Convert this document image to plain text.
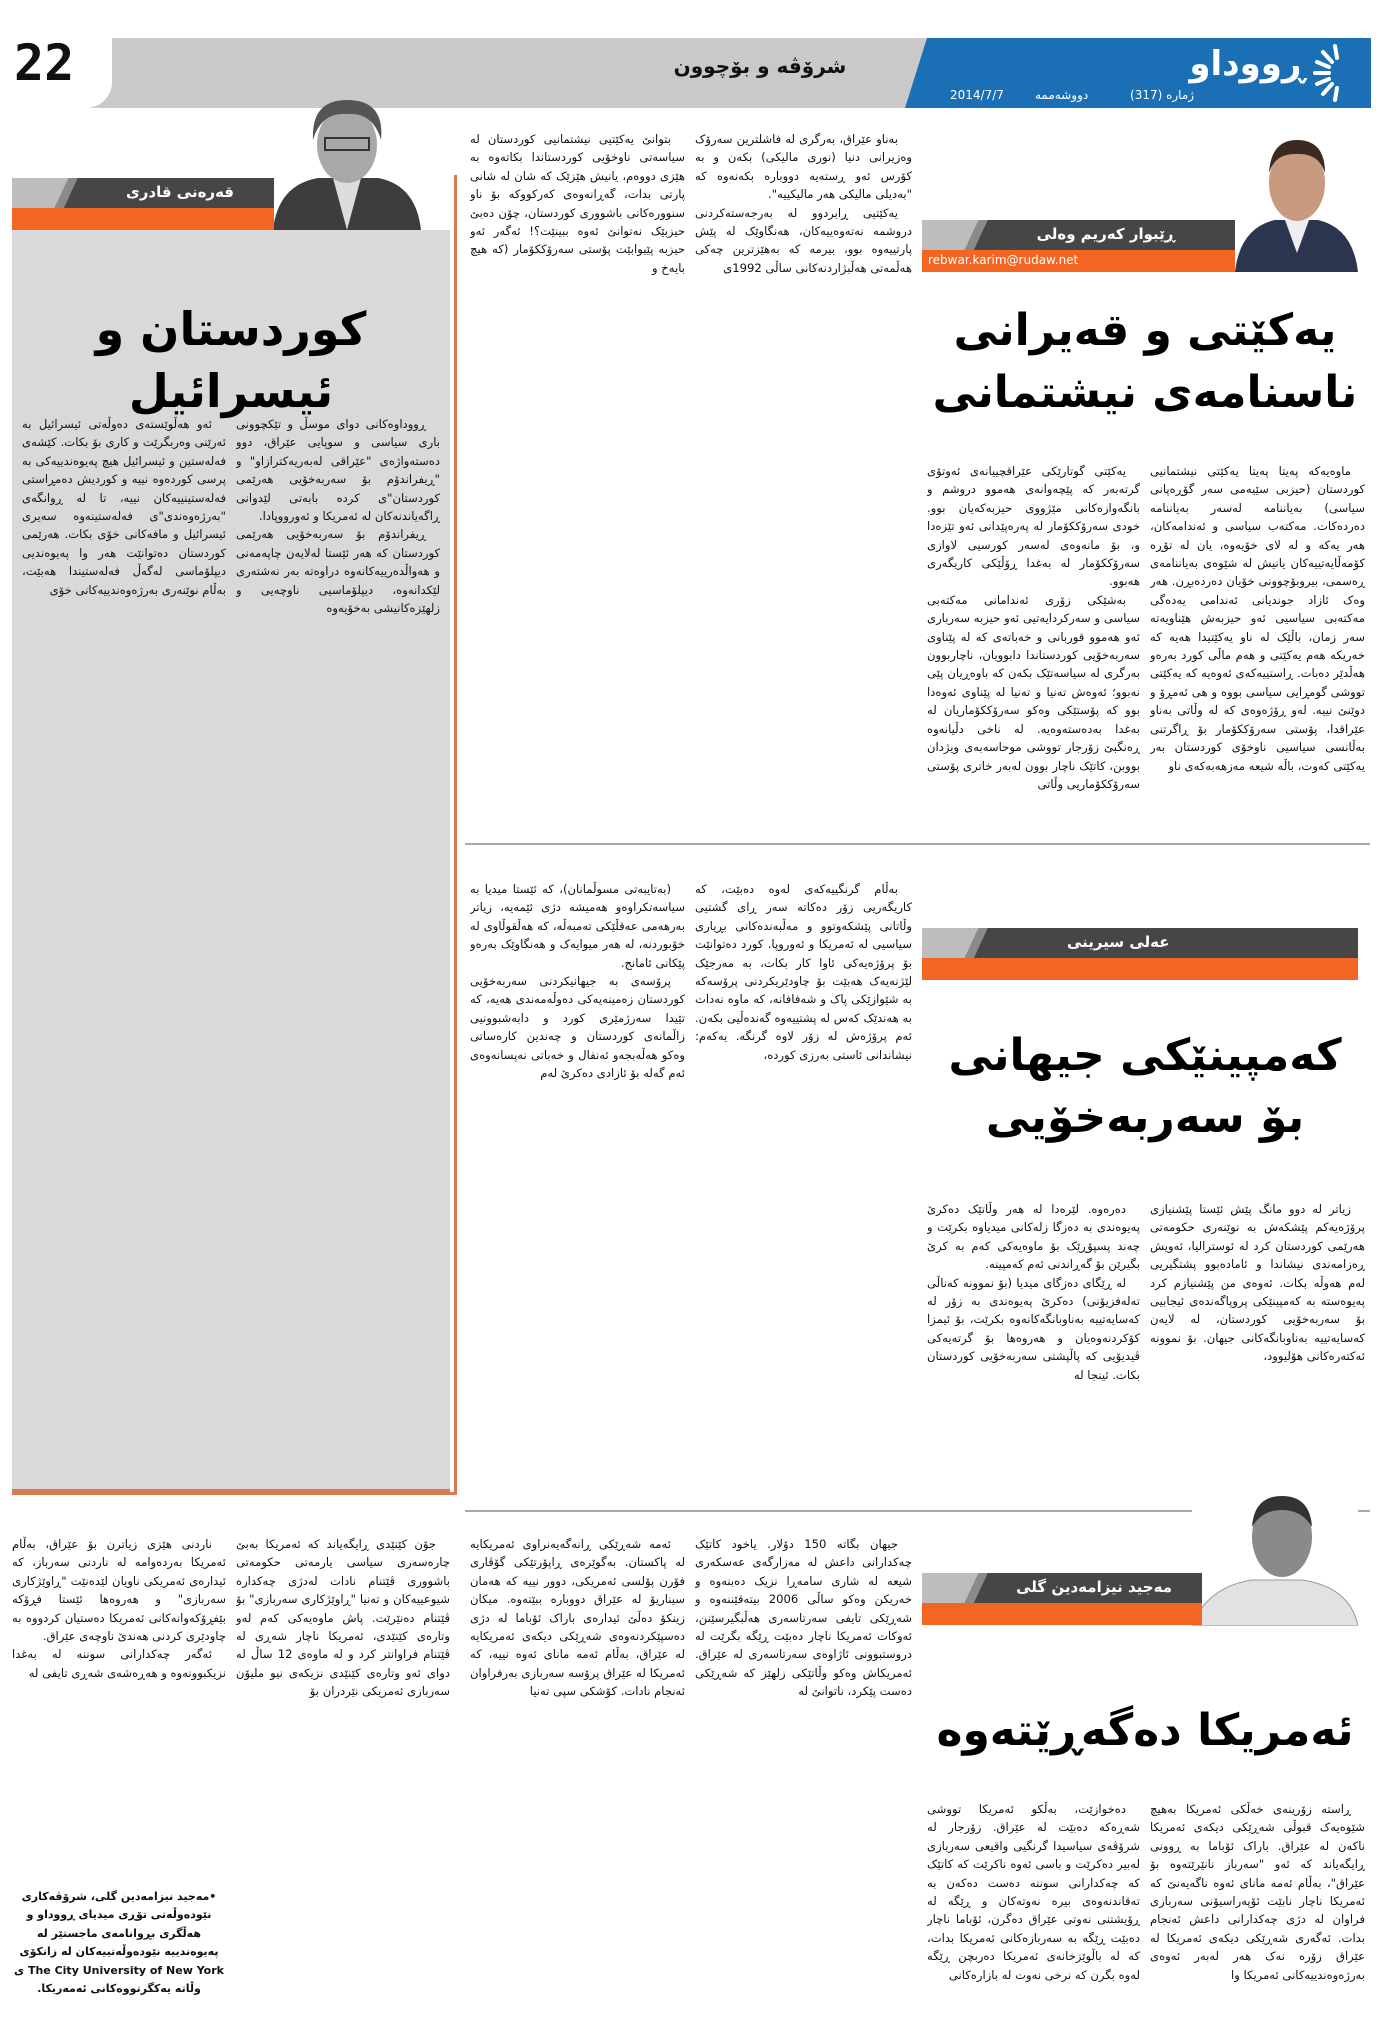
22	شرۆڤە و بۆچوون	ڕووداو
ژمارە (317)
دووشەممە
2014/7/7
ڕێبوار کەریم وەلی
rebwar.karim@rudaw.net
یەکێتی و قەیرانی
ناسنامەی نیشتمانی

ماوەیەکە پەیتا پەیتا یەکێتی نیشتمانیی کوردستان (حیزبی سێیەمی سەر گۆڕەپانی سیاسی) بەیاننامە لەسەر بەیاننامە دەردەکات. مەکتەب سیاسی و ئەندامەکان، هەر یەکە و لە لای خۆیەوە، یان لە تۆڕە کۆمەڵایەتییەکان یانیش لە شێوەی بەیاننامەی ڕەسمی، بیروبۆچوونی خۆیان دەردەبڕن. هەر وەک ئازاد جوندیانی ئەندامی یەدەگی مەکتەبی سیاسیی ئەو حیزبەش هێناویەتە سەر زمان، باڵێک لە ناو یەکێتیدا هەیە کە خەریکە هەم یەکێتی و هەم ماڵی کورد بەرەو هەڵدێر دەبات. ڕاستییەکەی ئەوەیە کە یەکێتی تووشی گومڕایی سیاسی بووە و هی ئەمڕۆ و دوێنێ نییە. لەو ڕۆژەوەی کە لە وڵاتی بەناو عێراقدا، پۆستی سەرۆککۆمار بۆ ڕاگرتنی بەڵانسی سیاسیی ناوخۆی کوردستان بەر یەکێتی کەوت، باڵە شیعە مەزهەبەکەی ناو

یەکێتی گوتارێکی عێراقچییانەی ئەوتۆی گرتەبەر کە پێچەوانەی هەموو دروشم و بانگەوازەکانی مێژووی حیزبەکەیان بوو. خودی سەرۆککۆمار لە پەرەپێدانی ئەو تێزەدا و، بۆ مانەوەی لەسەر کورسیی لاوازی سەرۆککۆمار لە بەغدا ڕۆڵێکی کاریگەری هەبوو.

بەشێکی زۆری ئەندامانی مەکتەبی سیاسی و سەرکردایەتیی ئەو حیزبە سەرباری ئەو هەموو قوربانی و خەباتەی کە لە پێناوی سەربەخۆیی کوردستاندا دابوویان، ناچاربوون بەرگری لە سیاسەتێک بکەن کە باوەڕیان پێی نەبوو؛ ئەوەش تەنیا و تەنیا لە پێناوی ئەوەدا بوو کە پۆستێکی وەکو سەرۆککۆماریان لە بەغدا بەدەستەوەیە. لە ناخی دڵیانەوە ڕەنگبێ زۆرجار تووشی موحاسەبەی ویژدان بووبن، کاتێک ناچار بوون لەبەر خاتری پۆستی سەرۆککۆماریی وڵاتی

بەناو عێراق، بەرگری لە فاشلترین سەرۆک وەزیرانی دنیا (نوری مالیکی) بکەن و بە کۆرس ئەو ڕستەیە دووبارە بکەنەوە کە "بەدیلی مالیکی هەر مالیکییە".

یەکێتیی ڕابردوو لە بەرجەستەکردنی دروشمە نەتەوەییەکان، هەنگاوێک لە پێش پارتییەوە بوو، بیرمە کە بەهێزترین چەکی هەڵمەتی هەڵبژاردنەکانی ساڵی 1992ی

بتوانێ یەکێتیی نیشتمانیی کوردستان لە سیاسەتی ناوخۆیی کوردستاندا بکاتەوە بە هێزی دووەم، یانیش هێزێک کە شان لە شانی پارتی بدات، گەڕانەوەی کەرکووکە بۆ ناو سنوورەکانی باشووری کوردستان، چۆن دەبێ حیزبێک نەتوانێ ئەوە ببینێت؟! ئەگەر ئەو حیزبە پێیوابێت پۆستی سەرۆککۆمار (کە هیچ بایەخ و

قەرەنی قادری
کوردستان و ئیسرائیل

ڕووداوەکانی دوای موسڵ و تێکچوونی باری سیاسی و سوپایی عێراق، دوو دەستەواژەی "عێراقی لەبەریەکترازاو" و "ڕیفراندۆم بۆ سەربەخۆیی هەرێمی کوردستان"ی کردە بابەتی لێدوانی ڕاگەیاندنەکان لە ئەمریکا و ئەورووپادا.

ڕیفراندۆم بۆ سەربەخۆیی هەرێمی کوردستان کە هەر ئێستا لەلایەن چاپەمەنی و هەواڵدەرییەکانەوە دراوەتە بەر نەشتەری لێکدانەوە، دیپلۆماسیی ناوچەیی و زلهێزەکانیشی بەخۆیەوە

ئەو هەڵوێستەی دەوڵەتی ئیسرائیل بە ئەرێنی وەربگرێت و کاری بۆ بکات. کێشەی فەلەستین و ئیسرائیل هیچ پەیوەندییەکی بە پرسی کوردەوە نییە و کوردیش دەمڕاستی فەلەستینییەکان نییە، تا لە ڕوانگەی "بەرژەوەندی"ی فەلەستینەوە سەیری ئیسرائیل و مافەکانی خۆی بکات. هەرێمی کوردستان دەتوانێت هەر وا پەیوەندیی دیپلۆماسی لەگەڵ فەلەستیندا هەبێت، بەڵام نوێنەری بەرژەوەندییەکانی خۆی

عەلی سیرینی
کەمپینێکی جیهانی
بۆ سەربەخۆیی

زیاتر لە دوو مانگ پێش ئێستا پێشنیازی پرۆژەیەکم پێشکەش بە نوێنەری حکومەتی هەرێمی کوردستان کرد لە ئوسترالیا، ئەویش ڕەزامەندی نیشاندا و ئامادەبوو پشتگیریی لەم هەوڵە بکات. ئەوەی من پێشنیازم کرد پەیوەستە بە کەمپینێکی پروپاگەندەی ئیجابیی بۆ سەربەخۆیی کوردستان، لە لایەن کەسایەتییە بەناوبانگەکانی جیهان. بۆ نموونە ئەکتەرەکانی هۆلیوود،

دەرەوە. لێرەدا لە هەر وڵاتێک دەکرێ پەیوەندی بە دەزگا زلەکانی میدیاوە بکرێت و چەند پسپۆڕێک بۆ ماوەیەکی کەم بە کرێ بگیرێن بۆ گەڕاندنی ئەم کەمپینە.

لە ڕێگای دەزگای میدیا (بۆ نموونە کەناڵی تەلەفزیۆنی) دەکرێ پەیوەندی بە زۆر لە کەسایەتییە بەناوبانگەکانەوە بکرێت، بۆ ئیمزا کۆکردنەوەیان و هەروەها بۆ گرتەیەکی ڤیدیۆیی کە پاڵپشتی سەربەخۆیی کوردستان بکات. ئینجا لە

بەڵام گرنگییەکەی لەوە دەبێت، کە کاریگەریی زۆر دەکاتە سەر ڕای گشتیی وڵاتانی پێشکەوتوو و مەڵبەندەکانی بڕیاری سیاسیی لە ئەمریکا و ئەوروپا. کورد دەتوانێت بۆ پرۆژەیەکی ئاوا کار بکات، بە مەرجێک لێژنەیەک هەبێت بۆ چاودێریکردنی پرۆسەکە بە شێوازێکی پاک و شەفافانە، کە ماوە نەدات بە هەندێک کەس لە پشتییەوە گەندەڵیی بکەن. ئەم پرۆژەش لە زۆر لاوە گرنگە. یەکەم: نیشاندانی ئاستی بەرزی کوردە،

(بەتایبەتی مسوڵمانان)، کە ئێستا میدیا بە سیاسەتکراوەو هەمیشە دژی ئێمەیە، زیاتر بەرهەمی عەقڵێکی تەمبەڵە، کە هەڵقوڵاوی لە خۆبوردنە، لە هەر میوایەک و هەنگاوێک بەرەو پێکانی ئامانج.

پرۆسەی بە جیهانیکردنی سەربەخۆیی کوردستان زەمینەیەکی دەوڵەمەندی هەیە، کە تێیدا سەرژمێری کورد و دابەشبوونیی زاڵمانەی کوردستان و چەندین کارەساتی وەکو هەڵەبجەو ئەنفال و خەباتی نەپسانەوەی ئەم گەلە بۆ ئازادی دەکرێ لەم

مەجید نیزامەدین گلی
ئەمریکا دەگەڕێتەوە

ڕاستە زۆرینەی خەڵکی ئەمریکا بەهیچ شێوەیەک قبوڵی شەڕێکی دیکەی ئەمریکا ناکەن لە عێراق. باراک ئۆباما بە ڕوونی ڕایگەیاند کە ئەو "سەرباز نانێرێتەوە بۆ عێراق"، بەڵام ئەمە مانای ئەوە ناگەیەنێ کە ئەمریکا ناچار نابێت ئۆپەراسیۆنی سەربازی فراوان لە دژی چەکدارانی داعش ئەنجام بدات. ئەگەری شەڕێکی دیکەی ئەمریکا لە عێراق زۆرە نەک هەر لەبەر ئەوەی بەرژەوەندییەکانی ئەمریکا وا

دەخوازێت، بەڵکو ئەمریکا تووشی شەڕەکە دەبێت لە عێراق. زۆرجار لە شرۆڤەی سیاسیدا گرنگیی واقیعی سەربازی لەبیر دەکرێت و باسی ئەوە ناکرێت کە کاتێک کە چەکدارانی سوننە دەست دەکەن بە تەقاندنەوەی بیرە نەوتەکان و ڕێگە لە ڕۆیشتنی نەوتی عێراق دەگرن، ئۆباما ناچار دەبێت ڕێگە بە سەربازەکانی ئەمریکا بدات، کە لە باڵوێزخانەی ئەمریکا دەربچن ڕێگە لەوە بگرن کە نرخی نەوت لە بازارەکانی

جیهان بگاتە 150 دۆلار. یاخود کاتێک چەکدارانی داعش لە مەزارگەی عەسکەری شیعە لە شاری سامەڕا نزیک دەبنەوە و خەریکن وەکو ساڵی 2006 بیتەقێننەوە و شەڕێکی تایفی سەرتاسەری هەڵبگیرسێنن، ئەوکات ئەمریکا ناچار دەبێت ڕێگە بگرێت لە دروستبوونی ئاژاوەی سەرتاسەری لە عێراق. ئەمریکاش وەکو وڵاتێکی زلهێز کە شەڕێکی دەست پێکرد، ناتوانێ لە

ئەمە شەڕێکی ڕانەگەیەنراوی ئەمریکایە لە پاکستان. بەگوێرەی ڕاپۆرتێکی گۆڤاری فۆرن پۆلسی ئەمریکی، دوور نییە کە هەمان سیناریۆ لە عێراق دووبارە ببێتەوە. میکان زینکۆ دەڵێ ئیدارەی باراک ئۆباما لە دژی دەسپێکردنەوەی شەڕێکی دیکەی ئەمریکایە لە عێراق، بەڵام ئەمە مانای ئەوە نییە، کە ئەمریکا لە عێراق پرۆسە سەربازی بەرفراوان ئەنجام نادات. کۆشکی سپی تەنیا

جۆن کێنێدی ڕایگەیاند کە ئەمریکا بەبێ چارەسەری سیاسی یارمەتی حکومەتی باشووری ڤێتنام نادات لەدژی چەکدارە شیوعییەکان و تەنیا "ڕاوێژکاری سەربازی" بۆ ڤێتنام دەنێرێت. پاش ماوەیەکی کەم لەو وتارەی کێنێدی، ئەمریکا ناچار شەڕی لە ڤێتنام فراوانتر کرد و لە ماوەی 12 ساڵ لە دوای ئەو وتارەی کێنێدی نزیکەی نیو ملیۆن سەربازی ئەمریکی نێردران بۆ

ناردنی هێزی زیاترن بۆ عێراق، بەڵام ئەمریکا بەردەوامە لە ناردنی سەرباز، کە ئیدارەی ئەمریکی ناویان لێدەنێت "ڕاوێژکاری سەربازی" و هەروەها ئێستا فڕۆکە بێفڕۆکەوانەکانی ئەمریکا دەستیان کردووە بە چاودێری کردنی هەندێ ناوچەی عێراق.

ئەگەر چەکدارانی سوننە لە بەغدا نزیکبوونەوە و هەڕەشەی شەڕی تایفی لە

•مەجید نیزامەدین گلی، شرۆڤەکاری نێودەوڵەتی تۆڕی میدیای ڕووداو و هەڵگری بڕوانامەی ماجستێر لە پەیوەندییە نێودەوڵەتییەکان لە زانکۆی The City University of New York ی وڵاتە یەکگرتووەکانی ئەمەریکا.
